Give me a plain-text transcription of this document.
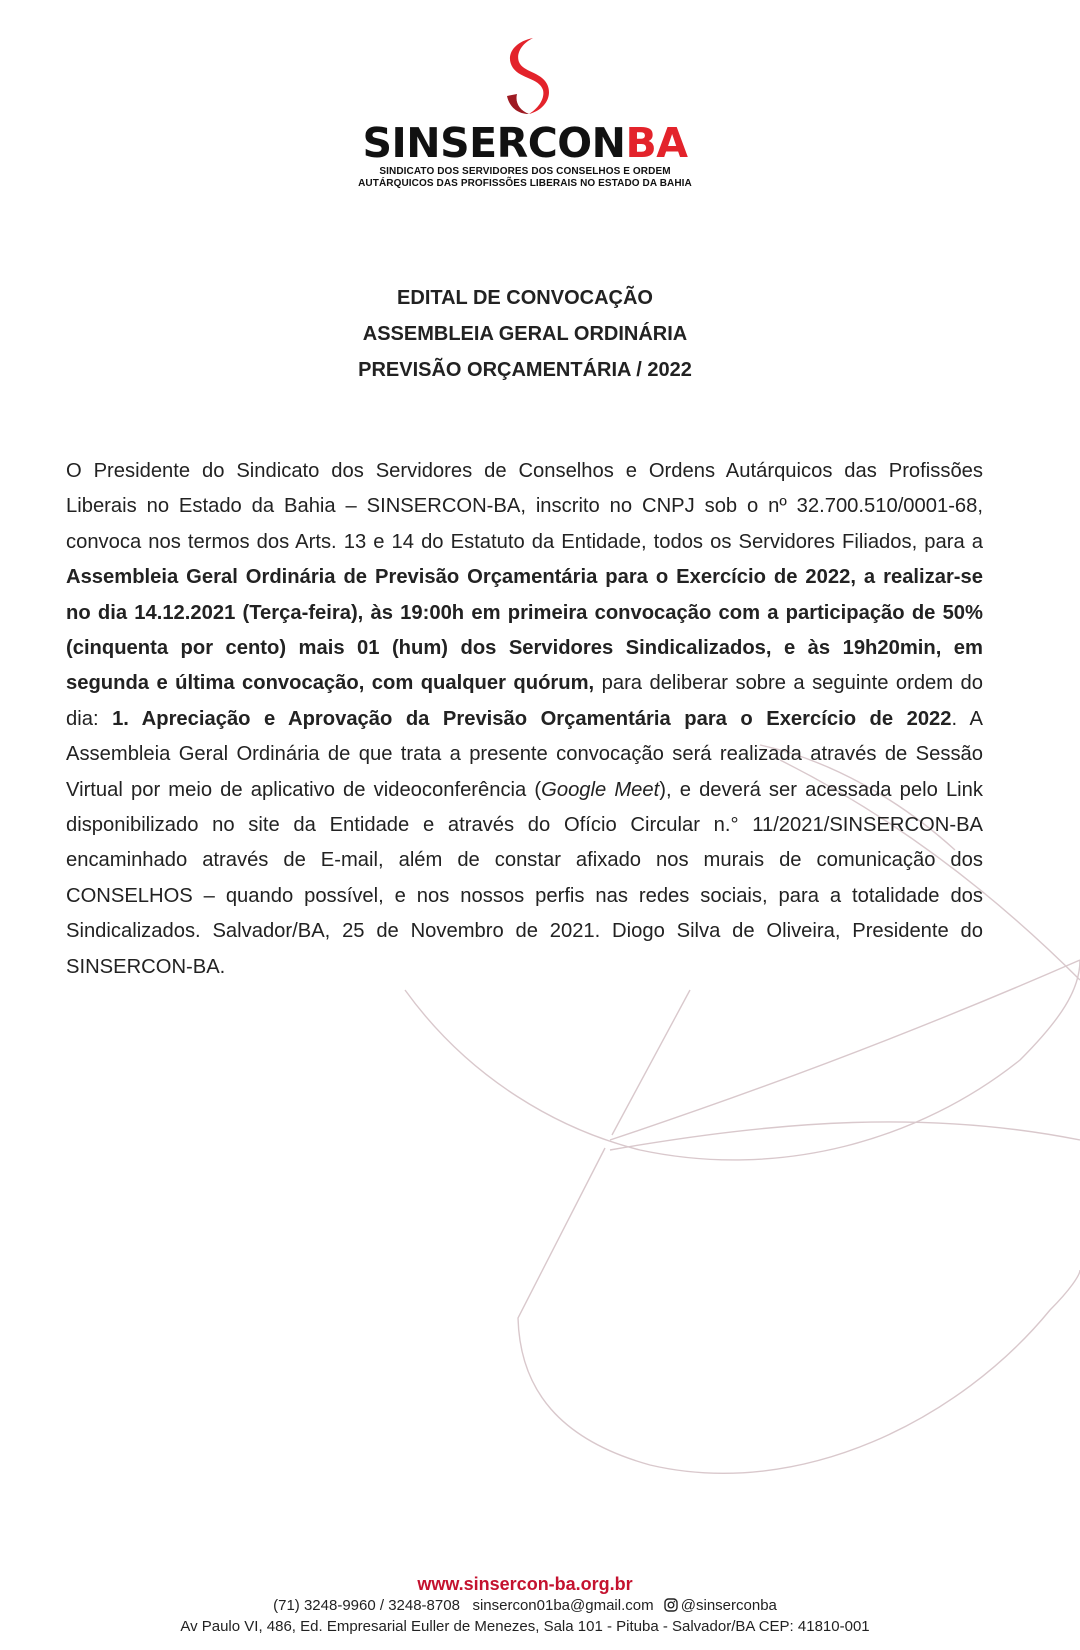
SINSERCONBA
SINDICATO DOS SERVIDORES DOS CONSELHOS E ORDEM
AUTÁRQUICOS DAS PROFISSÕES LIBERAIS NO ESTADO DA BAHIA
EDITAL DE CONVOCAÇÃO
ASSEMBLEIA GERAL ORDINÁRIA
PREVISÃO ORÇAMENTÁRIA / 2022
O Presidente do Sindicato dos Servidores de Conselhos e Ordens Autárquicos das Profissões Liberais no Estado da Bahia – SINSERCON-BA, inscrito no CNPJ sob o nº 32.700.510/0001-68, convoca nos termos dos Arts. 13 e 14 do Estatuto da Entidade, todos os Servidores Filiados, para a Assembleia Geral Ordinária de Previsão Orçamentária para o Exercício de 2022, a realizar-se no dia 14.12.2021 (Terça-feira), às 19:00h em primeira convocação com a participação de 50% (cinquenta por cento) mais 01 (hum) dos Servidores Sindicalizados, e às 19h20min, em segunda e última convocação, com qualquer quórum, para deliberar sobre a seguinte ordem do dia: 1. Apreciação e Aprovação da Previsão Orçamentária para o Exercício de 2022. A Assembleia Geral Ordinária de que trata a presente convocação será realizada através de Sessão Virtual por meio de aplicativo de videoconferência (Google Meet), e deverá ser acessada pelo Link disponibilizado no site da Entidade e através do Ofício Circular n.° 11/2021/SINSERCON-BA encaminhado através de E-mail, além de constar afixado nos murais de comunicação dos CONSELHOS – quando possível, e nos nossos perfis nas redes sociais, para a totalidade dos Sindicalizados. Salvador/BA, 25 de Novembro de 2021. Diogo Silva de Oliveira, Presidente do SINSERCON-BA.
www.sinsercon-ba.org.br
(71) 3248-9960 / 3248-8708 sinsercon01ba@gmail.com @sinserconba
Av Paulo VI, 486, Ed. Empresarial Euller de Menezes, Sala 101 - Pituba - Salvador/BA CEP: 41810-001
